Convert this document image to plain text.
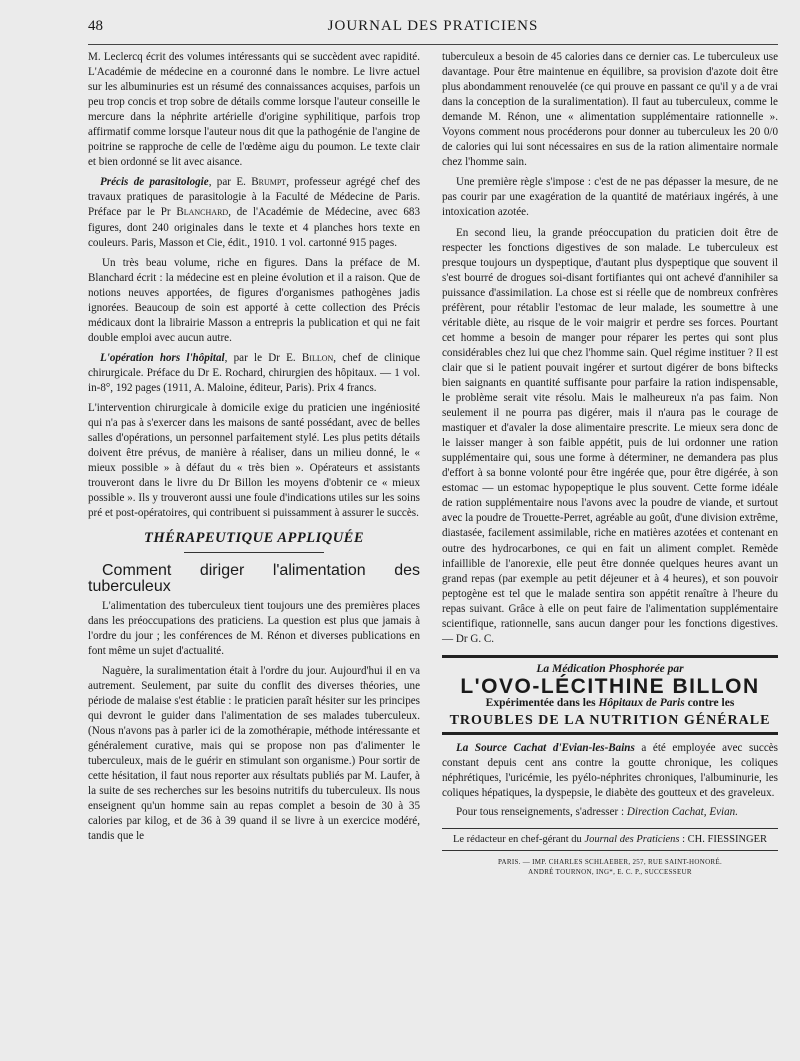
48	JOURNAL DES PRATICIENS

M. Leclercq écrit des volumes intéressants qui se succèdent avec rapidité. L'Académie de médecine en a couronné dans le nombre. Le livre actuel sur les albuminuries est un résumé des connaissances acquises, parfois un peu trop concis et trop sobre de détails comme lorsque l'auteur conseille le mercure dans la néphrite artérielle d'origine syphilitique, parfois trop affirmatif comme lorsque l'auteur nous dit que la pathogénie de l'angine de poitrine se rapproche de celle de l'œdème aigu du poumon. Le texte clair et bien ordonné se lit avec aisance.

Précis de parasitologie, par E. Brumpt, professeur agrégé chef des travaux pratiques de parasitologie à la Faculté de Médecine de Paris. Préface par le Pr Blanchard, de l'Académie de Médecine, avec 683 figures, dont 240 originales dans le texte et 4 planches hors texte en couleurs. Paris, Masson et Cie, édit., 1910. 1 vol. cartonné 915 pages.

Un très beau volume, riche en figures. Dans la préface de M. Blanchard écrit : la médecine est en pleine évolution et il a raison. Que de notions neuves apportées, de figures d'organismes pathogènes jadis ignorées. Beaucoup de soin est apporté à cette collection des Précis médicaux dont la librairie Masson a entrepris la publication et qui ne fait double emploi avec aucun autre.

L'opération hors l'hôpital, par le Dr E. Billon, chef de clinique chirurgicale. Préface du Dr E. Rochard, chirurgien des hôpitaux. — 1 vol. in-8°, 192 pages (1911, A. Maloine, éditeur, Paris). Prix 4 francs.

L'intervention chirurgicale à domicile exige du praticien une ingéniosité qui n'a pas à s'exercer dans les maisons de santé possédant, avec de belles salles d'opérations, un personnel parfaitement stylé. Les plus petits détails doivent être prévus, de manière à réaliser, dans un milieu donné, le « mieux possible » à défaut du « très bien ». Opérateurs et assistants trouveront dans le livre du Dr Billon les moyens d'obtenir ce « mieux possible ». Ils y trouveront aussi une foule d'indications utiles sur les soins pré et post-opératoires, qui contribuent si puissamment à assurer le succès.

THÉRAPEUTIQUE APPLIQUÉE

Comment diriger l'alimentation des tuberculeux

L'alimentation des tuberculeux tient toujours une des premières places dans les préoccupations des praticiens. La question est plus que jamais à l'ordre du jour ; les conférences de M. Rénon et diverses publications en font même un sujet d'actualité.

Naguère, la suralimentation était à l'ordre du jour. Aujourd'hui il en va autrement. Seulement, par suite du conflit des diverses théories, une période de malaise s'est établie : le praticien paraît hésiter sur les principes qui devront le guider dans l'alimentation de ses malades tuberculeux. (Nous n'avons pas à parler ici de la zomothérapie, méthode intéressante et généralement curative, mais qui se propose non pas d'alimenter le tuberculeux, mais de le guérir en stimulant son organisme.) Pour sortir de cette hésitation, il faut nous reporter aux résultats publiés par M. Laufer, à la suite de ses recherches sur les besoins nutritifs du tuberculeux. Ils nous enseignent qu'un homme sain au repas complet a besoin de 30 à 35 calories par kilog, et de 36 à 39 quand il se livre à un exercice modéré, tandis que le

tuberculeux a besoin de 45 calories dans ce dernier cas. Le tuberculeux use davantage. Pour être maintenue en équilibre, sa provision d'azote doit être plus abondamment renouvelée (ce qui prouve en passant ce qu'il y a de vrai dans la conception de la suralimentation). Il faut au tuberculeux, comme le demande M. Rénon, une « alimentation supplémentaire rationnelle ». Voyons comment nous procéderons pour donner au tuberculeux les 20 0/0 de calories qui lui sont nécessaires en sus de la ration alimentaire normale chez l'homme sain.

Une première règle s'impose : c'est de ne pas dépasser la mesure, de ne pas courir par une exagération de la quantité de matériaux ingérés, à une intoxication azotée.

En second lieu, la grande préoccupation du praticien doit être de respecter les fonctions digestives de son malade. Le tuberculeux est presque toujours un dyspeptique, d'autant plus dyspeptique que souvent il s'est bourré de drogues soi-disant fortifiantes qui ont achevé d'annihiler sa puissance d'assimilation. La chose est si réelle que de nombreux confrères préfèrent, pour rétablir l'estomac de leur malade, les soumettre à une véritable diète, au risque de le voir maigrir et perdre ses forces. Pourtant cet homme a besoin de manger pour réparer les pertes qui sont plus considérables chez lui que chez l'homme sain. Quel régime instituer ? Il est clair que si le patient pouvait ingérer et surtout digérer de bons biftecks bien saignants en quantité suffisante pour parfaire la ration indispensable, le problème serait vite résolu. Mais le malheureux n'a pas faim. Non seulement il ne pourra pas digérer, mais il n'aura pas le courage de mastiquer et d'avaler la dose alimentaire prescrite. Le mieux sera donc de le laisser manger à son faible appétit, puis de lui ordonner une ration supplémentaire qui, sous une forme à déterminer, ne demandera pas plus d'effort à sa bonne volonté pour être ingérée que, pour être digérée, à son estomac — un estomac hypopeptique le plus souvent. Cette forme idéale de ration supplémentaire nous l'avons avec la poudre de viande, et surtout avec la poudre de Trouette-Perret, agréable au goût, d'une division extrême, diastasée, facilement assimilable, riche en matières azotées et contenant en outre des hydrocarbones, ce qui en fait un aliment complet. Remède infaillible de l'anorexie, elle peut être donnée quelques heures avant un grand repas (par exemple au petit déjeuner et à 4 heures), et son pouvoir peptogène est tel que le malade sentira son appétit renaître à l'heure du repas suivant. Grâce à elle on peut faire de l'alimentation supplémentaire scientifique, rationnelle, sans aucun danger pour les fonctions digestives. — Dr G. C.

La Médication Phosphorée par
L'OVO-LÉCITHINE BILLON
Expérimentée dans les Hôpitaux de Paris contre les
TROUBLES DE LA NUTRITION GÉNÉRALE

La Source Cachat d'Evian-les-Bains a été employée avec succès constant depuis cent ans contre la goutte chronique, les coliques néphrétiques, l'uricémie, les pyélo-néphrites chroniques, l'albuminurie, les coliques hépatiques, la dyspepsie, le diabète des goutteux et des graveleux.

Pour tous renseignements, s'adresser : Direction Cachat, Evian.

Le rédacteur en chef-gérant du Journal des Praticiens : CH. FIESSINGER
PARIS. — IMP. CHARLES SCHLAEBER, 257, RUE SAINT-HONORÉ.
ANDRÉ TOURNON, ING*, E. C. P., SUCCESSEUR
